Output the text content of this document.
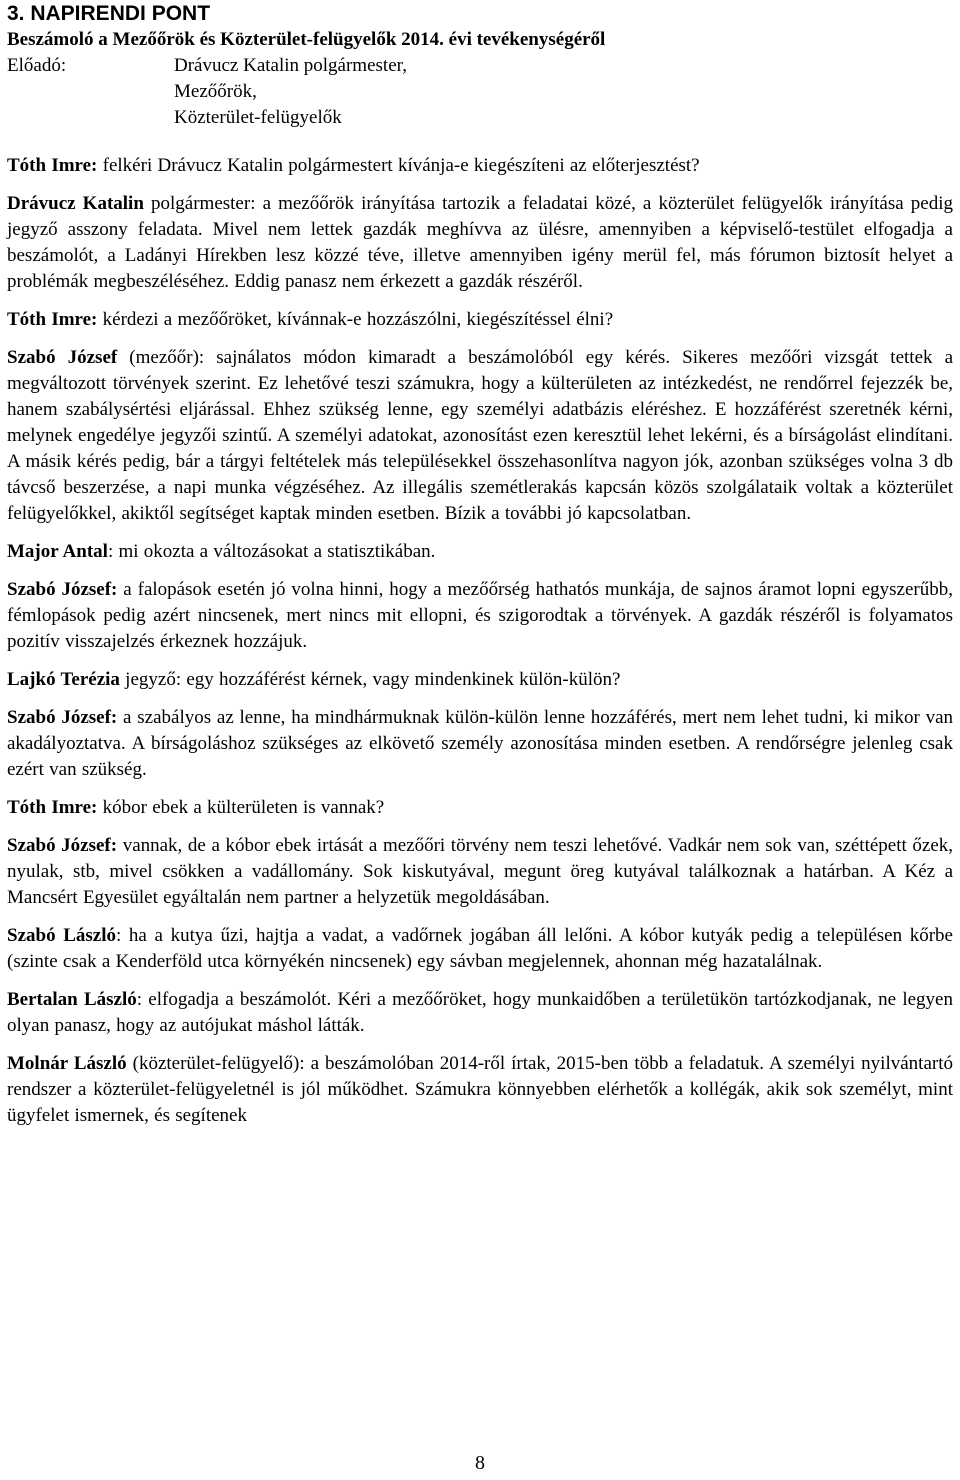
3. NAPIRENDI PONT

Beszámoló a Mezőőrök és Közterület-felügyelők 2014. évi tevékenységéről

Előadó:	Drávucz Katalin polgármester,
Mezőőrök,
Közterület-felügyelők

Tóth Imre: felkéri Drávucz Katalin polgármestert kívánja-e kiegészíteni az előterjesztést?

Drávucz Katalin polgármester: a mezőőrök irányítása tartozik a feladatai közé, a közterület felügyelők irányítása pedig jegyző asszony feladata. Mivel nem lettek gazdák meghívva az ülésre, amennyiben a képviselő-testület elfogadja a beszámolót, a Ladányi Hírekben lesz közzé téve, illetve amennyiben igény merül fel, más fórumon biztosít helyet a problémák megbeszéléséhez. Eddig panasz nem érkezett a gazdák részéről.

Tóth Imre: kérdezi a mezőőröket, kívánnak-e hozzászólni, kiegészítéssel élni?

Szabó József (mezőőr): sajnálatos módon kimaradt a beszámolóból egy kérés. Sikeres mezőőri vizsgát tettek a megváltozott törvények szerint. Ez lehetővé teszi számukra, hogy a külterületen az intézkedést, ne rendőrrel fejezzék be, hanem szabálysértési eljárással. Ehhez szükség lenne, egy személyi adatbázis eléréshez. E hozzáférést szeretnék kérni, melynek engedélye jegyzői szintű. A személyi adatokat, azonosítást ezen keresztül lehet lekérni, és a bírságolást elindítani. A másik kérés pedig, bár a tárgyi feltételek más településekkel összehasonlítva nagyon jók, azonban szükséges volna 3 db távcső beszerzése, a napi munka végzéséhez. Az illegális szemétlerakás kapcsán közös szolgálataik voltak a közterület felügyelőkkel, akiktől segítséget kaptak minden esetben. Bízik a további jó kapcsolatban.

Major Antal: mi okozta a változásokat a statisztikában.

Szabó József: a falopások esetén jó volna hinni, hogy a mezőőrség hathatós munkája, de sajnos áramot lopni egyszerűbb, fémlopások pedig azért nincsenek, mert nincs mit ellopni, és szigorodtak a törvények. A gazdák részéről is folyamatos pozitív visszajelzés érkeznek hozzájuk.

Lajkó Terézia jegyző: egy hozzáférést kérnek, vagy mindenkinek külön-külön?

Szabó József: a szabályos az lenne, ha mindhármuknak külön-külön lenne hozzáférés, mert nem lehet tudni, ki mikor van akadályoztatva. A bírságoláshoz szükséges az elkövető személy azonosítása minden esetben. A rendőrségre jelenleg csak ezért van szükség.

Tóth Imre: kóbor ebek a külterületen is vannak?

Szabó József: vannak, de a kóbor ebek irtását a mezőőri törvény nem teszi lehetővé. Vadkár nem sok van, széttépett őzek, nyulak, stb, mivel csökken a vadállomány. Sok kiskutyával, megunt öreg kutyával találkoznak a határban. A Kéz a Mancsért Egyesület egyáltalán nem partner a helyzetük megoldásában.

Szabó László: ha a kutya űzi, hajtja a vadat, a vadőrnek jogában áll lelőni. A kóbor kutyák pedig a településen kőrbe (szinte csak a Kenderföld utca környékén nincsenek) egy sávban megjelennek, ahonnan még hazatalálnak.

Bertalan László: elfogadja a beszámolót. Kéri a mezőőröket, hogy munkaidőben a területükön tartózkodjanak, ne legyen olyan panasz, hogy az autójukat máshol látták.

Molnár László (közterület-felügyelő): a beszámolóban 2014-ről írtak, 2015-ben több a feladatuk. A személyi nyilvántartó rendszer a közterület-felügyeletnél is jól működhet. Számukra könnyebben elérhetők a kollégák, akik sok személyt, mint ügyfelet ismernek, és segítenek

8
